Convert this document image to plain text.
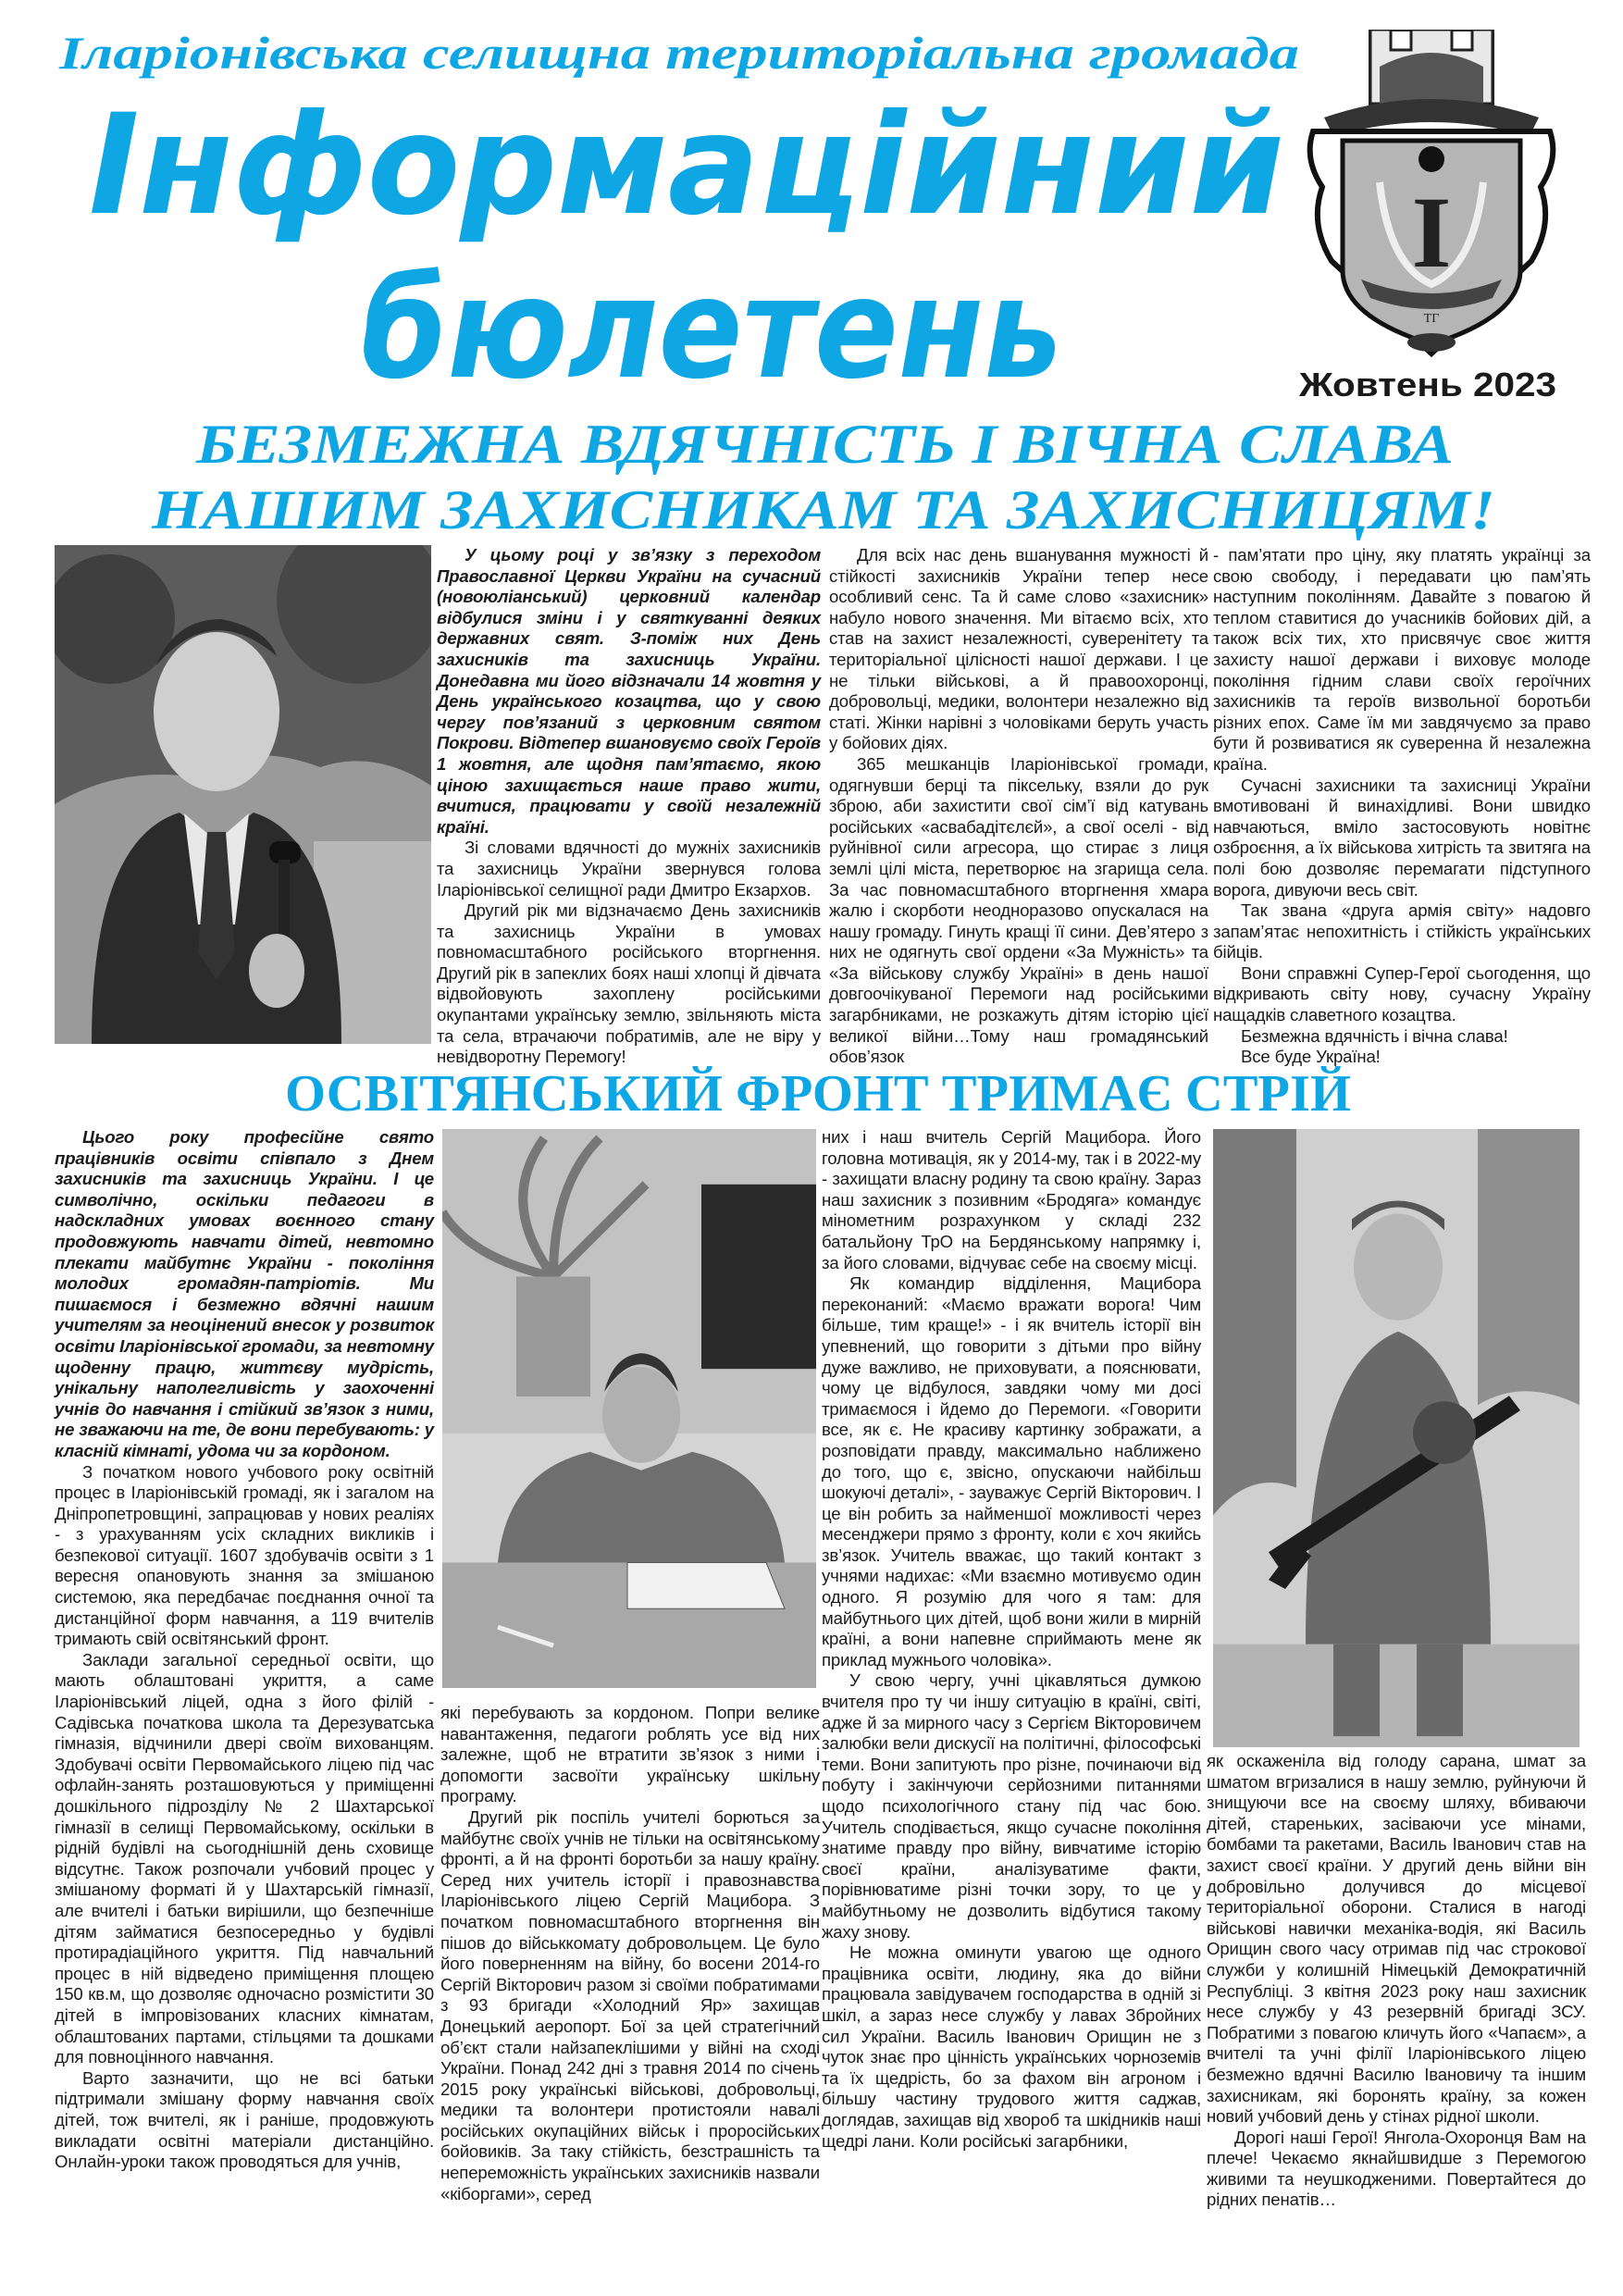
Іларіонівська селищна територіальна громада
Інформаційний
бюлетень	Жовтень 2023
І
ТГ
БЕЗМЕЖНА ВДЯЧНІСТЬ І ВІЧНА СЛАВА
НАШИМ ЗАХИСНИКАМ ТА ЗАХИСНИЦЯМ!

У цьому році у зв’язку з переходом Православної Церкви України на сучасний (новоюліанський) церковний календар відбулися зміни і у святкуванні деяких державних свят. З-поміж них День захисників та захисниць України. Донедавна ми його відзначали 14 жовтня у День українського козацтва, що у свою чергу пов’язаний з церковним святом Покрови. Відтепер вшановуємо своїх Героїв 1 жовтня, але щодня пам’ятаємо, якою ціною захищається наше право жити, вчитися, працювати у своїй незалежній країні.

Зі словами вдячності до мужніх захисників та захисниць України звернувся голова Іларіонівської селищної ради Дмитро Екзархов.

Другий рік ми відзначаємо День захисників та захисниць України в умовах повномасштабного російського вторгнення. Другий рік в запеклих боях наші хлопці й дівчата відвойовують захоплену російськими окупантами українську землю, звільняють міста та села, втрачаючи побратимів, але не віру у невідворотну Перемогу!

Для всіх нас день вшанування мужності й стійкості захисників України тепер несе особливий сенс. Та й саме слово «захисник» набуло нового значення. Ми вітаємо всіх, хто став на захист незалежності, суверенітету та територіальної цілісності нашої держави. І це не тільки військові, а й правоохоронці, добровольці, медики, волонтери незалежно від статі. Жінки нарівні з чоловіками беруть участь у бойових діях.

365 мешканців Іларіонівської громади, одягнувши берці та піксельку, взяли до рук зброю, аби захистити свої сім’ї від катувань російських «асвабадітєлєй», а свої оселі - від руйнівної сили агресора, що стирає з лиця землі цілі міста, перетворює на згарища села. За час повномасштабного вторгнення хмара жалю і скорботи неодноразово опускалася на нашу громаду. Гинуть кращі її сини. Дев’ятеро з них не одягнуть свої ордени «За Мужність» та «За військову службу Україні» в день нашої довгоочікуваної Перемоги над російськими загарбниками, не розкажуть дітям історію цієї великої війни…Тому наш громадянський обов’язок

- пам’ятати про ціну, яку платять українці за свою свободу, і передавати цю пам’ять наступним поколінням. Давайте з повагою й теплом ставитися до учасників бойових дій, а також всіх тих, хто присвячує своє життя захисту нашої держави і виховує молоде покоління гідним слави своїх героїчних захисників та героїв визвольної боротьби різних епох. Саме їм ми завдячуємо за право бути й розвиватися як суверенна й незалежна країна.

Сучасні захисники та захисниці України вмотивовані й винахідливі. Вони швидко навчаються, вміло застосовують новітнє озброєння, а їх військова хитрість та звитяга на полі бою дозволяє перемагати підступного ворога, дивуючи весь світ.

Так звана «друга армія світу» надовго запам’ятає непохитність і стійкість українських бійців.

Вони справжні Супер-Герої сьогодення, що відкривають світу нову, сучасну Україну нащадків славетного козацтва.

Безмежна вдячність і вічна слава!

Все буде Україна!

ОСВІТЯНСЬКИЙ ФРОНТ ТРИМАЄ СТРІЙ

Цього року професійне свято працівників освіти співпало з Днем захисників та захисниць України. І це символічно, оскільки педагоги в надскладних умовах воєнного стану продовжують навчати дітей, невтомно плекати майбутнє України - покоління молодих громадян-патріотів. Ми пишаємося і безмежно вдячні нашим учителям за неоцінений внесок у розвиток освіти Іларіонівської громади, за невтомну щоденну працю, життєву мудрість, унікальну наполегливість у заохоченні учнів до навчання і стійкий зв’язок з ними, не зважаючи на те, де вони перебувають: у класній кімнаті, удома чи за кордоном.

З початком нового учбового року освітній процес в Іларіонівській громаді, як і загалом на Дніпропетровщині, запрацював у нових реаліях - з урахуванням усіх складних викликів і безпекової ситуації. 1607 здобувачів освіти з 1 вересня опановують знання за змішаною системою, яка передбачає поєднання очної та дистанційної форм навчання, а 119 вчителів тримають свій освітянський фронт.

Заклади загальної середньої освіти, що мають облаштовані укриття, а саме Іларіонівський ліцей, одна з його філій - Садівська початкова школа та Дерезуватська гімназія, відчинили двері своїм вихованцям. Здобувачі освіти Первомайського ліцею під час офлайн-занять розташовуються у приміщенні дошкільного підрозділу № 2 Шахтарської гімназії в селищі Первомайському, оскільки в рідній будівлі на сьогоднішній день сховище відсутнє. Також розпочали учбовий процес у змішаному форматі й у Шахтарській гімназії, але вчителі і батьки вирішили, що безпечніше дітям займатися безпосередньо у будівлі протирадіаційного укриття. Під навчальний процес в ній відведено приміщення площею 150 кв.м, що дозволяє одночасно розмістити 30 дітей в імпровізованих класних кімнатам, облаштованих партами, стільцями та дошками для повноцінного навчання.

Варто зазначити, що не всі батьки підтримали змішану форму навчання своїх дітей, тож вчителі, як і раніше, продовжують викладати освітні матеріали дистанційно. Онлайн-уроки також проводяться для учнів,

які перебувають за кордоном. Попри велике навантаження, педагоги роблять усе від них залежне, щоб не втратити зв’язок з ними і допомогти засвоїти українську шкільну програму.

Другий рік поспіль учителі борються за майбутнє своїх учнів не тільки на освітянському фронті, а й на фронті боротьби за нашу країну. Серед них учитель історії і правознавства Іларіонівського ліцею Сергій Мацибора. З початком повномасштабного вторгнення він пішов до військкомату добровольцем. Це було його поверненням на війну, бо восени 2014-го Сергій Вікторович разом зі своїми побратимами з 93 бригади «Холодний Яр» захищав Донецький аеропорт. Бої за цей стратегічний об’єкт стали найзапеклішими у війні на сході України. Понад 242 дні з травня 2014 по січень 2015 року українські військові, добровольці, медики та волонтери протистояли навалі російських окупаційних військ і проросійських бойовиків. За таку стійкість, безстрашність та непереможність українських захисників назвали «кіборгами», серед

них і наш вчитель Сергій Мацибора. Його головна мотивація, як у 2014-му, так і в 2022-му - захищати власну родину та свою країну. Зараз наш захисник з позивним «Бродяга» командує мінометним розрахунком у складі 232 батальйону ТрО на Бердянському напрямку і, за його словами, відчуває себе на своєму місці.

Як командир відділення, Мацибора переконаний: «Маємо вражати ворога! Чим більше, тим краще!» - і як вчитель історії він упевнений, що говорити з дітьми про війну дуже важливо, не приховувати, а пояснювати, чому це відбулося, завдяки чому ми досі тримаємося і йдемо до Перемоги. «Говорити все, як є. Не красиву картинку зображати, а розповідати правду, максимально наближено до того, що є, звісно, опускаючи найбільш шокуючі деталі», - зауважує Сергій Вікторович. І це він робить за найменшої можливості через месенджери прямо з фронту, коли є хоч якийсь зв’язок. Учитель вважає, що такий контакт з учнями надихає: «Ми взаємно мотивуємо один одного. Я розумію для чого я там: для майбутнього цих дітей, щоб вони жили в мирній країні, а вони напевне сприймають мене як приклад мужнього чоловіка».

У свою чергу, учні цікавляться думкою вчителя про ту чи іншу ситуацію в країні, світі, адже й за мирного часу з Сергієм Вікторовичем залюбки вели дискусії на політичні, філософські теми. Вони запитують про різне, починаючи від побуту і закінчуючи серйозними питаннями щодо психологічного стану під час бою. Учитель сподівається, якщо сучасне покоління знатиме правду про війну, вивчатиме історію своєї країни, аналізуватиме факти, порівнюватиме різні точки зору, то це у майбутньому не дозволить відбутися такому жаху знову.

Не можна оминути увагою ще одного працівника освіти, людину, яка до війни працювала завідувачем господарства в одній зі шкіл, а зараз несе службу у лавах Збройних сил України. Василь Іванович Орищин не з чуток знає про цінність українських чорноземів та їх щедрість, бо за фахом він агроном і більшу частину трудового життя саджав, доглядав, захищав від хвороб та шкідників наші щедрі лани. Коли російські загарбники,

як оскаженіла від голоду сарана, шмат за шматом вгризалися в нашу землю, руйнуючи й знищуючи все на своєму шляху, вбиваючи дітей, стареньких, засіваючи усе мінами, бомбами та ракетами, Василь Іванович став на захист своєї країни. У другий день війни він добровільно долучився до місцевої територіальної оборони. Сталися в нагоді військові навички механіка-водія, які Василь Орищин свого часу отримав під час строкової служби у колишній Німецькій Демократичній Республіці. З квітня 2023 року наш захисник несе службу у 43 резервній бригаді ЗСУ. Побратими з повагою кличуть його «Чапаєм», а вчителі та учні філії Іларіонівського ліцею безмежно вдячні Василю Івановичу та іншим захисникам, які боронять країну, за кожен новий учбовий день у стінах рідної школи.

Дорогі наші Герої! Янгола-Охоронця Вам на плече! Чекаємо якнайшвидше з Перемогою живими та неушкодженими. Повертайтеся до рідних пенатів…
